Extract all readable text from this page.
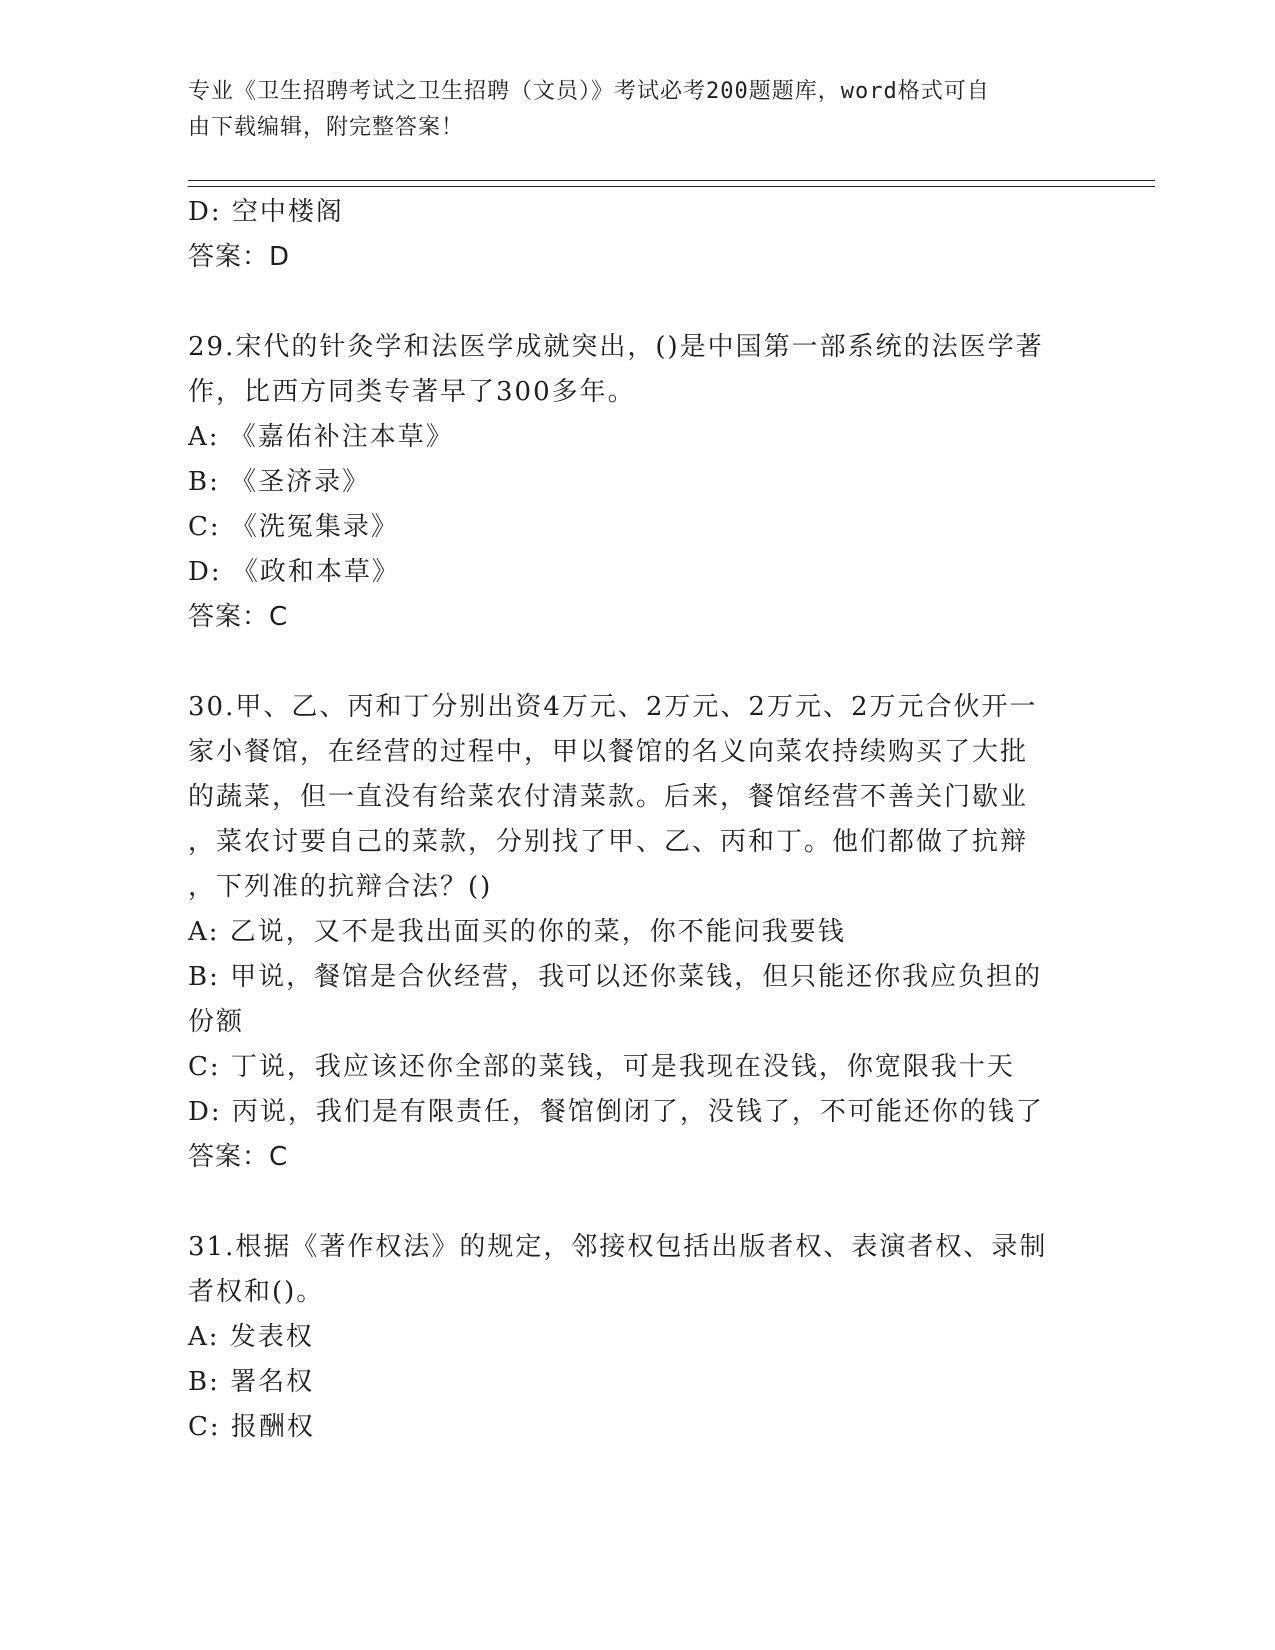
专业《卫生招聘考试之卫生招聘（文员）》考试必考200题题库，word格式可自
由下载编辑，附完整答案！
D: 空中楼阁
答案：D
29.宋代的针灸学和法医学成就突出，()是中国第一部系统的法医学著
作，比西方同类专著早了300多年。
A: 《嘉佑补注本草》
B: 《圣济录》
C: 《洗冤集录》
D: 《政和本草》
答案：C
30.甲、乙、丙和丁分别出资4万元、2万元、2万元、2万元合伙开一
家小餐馆，在经营的过程中，甲以餐馆的名义向菜农持续购买了大批
的蔬菜，但一直没有给菜农付清菜款。后来，餐馆经营不善关门歇业
，菜农讨要自己的菜款，分别找了甲、乙、丙和丁。他们都做了抗辩
，下列准的抗辩合法？()
A: 乙说，又不是我出面买的你的菜，你不能问我要钱
B: 甲说，餐馆是合伙经营，我可以还你菜钱，但只能还你我应负担的
份额
C: 丁说，我应该还你全部的菜钱，可是我现在没钱，你宽限我十天
D: 丙说，我们是有限责任，餐馆倒闭了，没钱了，不可能还你的钱了
答案：C
31.根据《著作权法》的规定，邻接权包括出版者权、表演者权、录制
者权和()。
A: 发表权
B: 署名权
C: 报酬权
